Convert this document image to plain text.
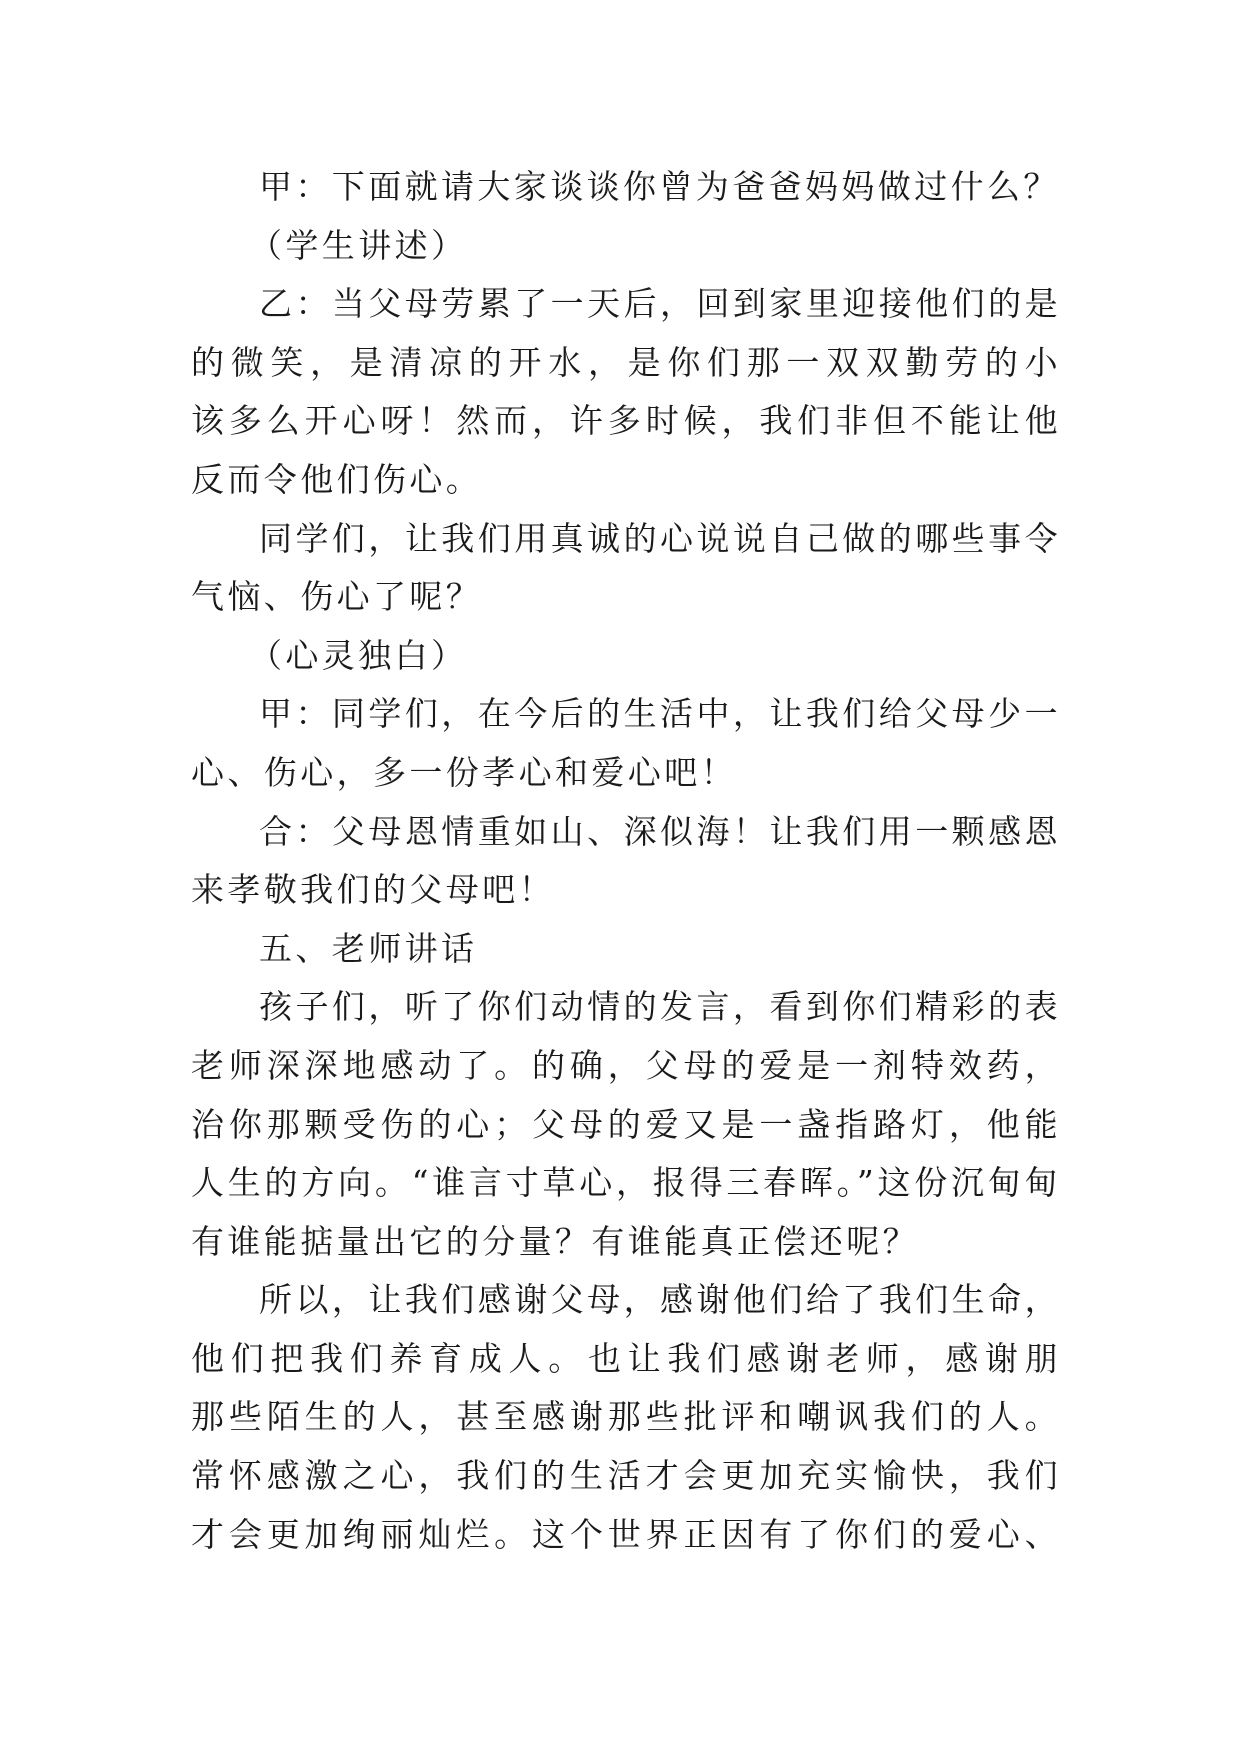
甲：下面就请大家谈谈你曾为爸爸妈妈做过什么？
（学生讲述）
乙：当父母劳累了一天后，回到家里迎接他们的是
的微笑，是清凉的开水，是你们那一双双勤劳的小
该多么开心呀！然而，许多时候，我们非但不能让他
反而令他们伤心。
同学们，让我们用真诚的心说说自己做的哪些事令
气恼、伤心了呢？
（心灵独白）
甲：同学们，在今后的生活中，让我们给父母少一
心、伤心，多一份孝心和爱心吧！
合：父母恩情重如山、深似海！让我们用一颗感恩
来孝敬我们的父母吧！
五、老师讲话
孩子们，听了你们动情的发言，看到你们精彩的表
老师深深地感动了。的确，父母的爱是一剂特效药，
治你那颗受伤的心；父母的爱又是一盏指路灯，他能
人生的方向。“谁言寸草心，报得三春晖。”这份沉甸甸
有谁能掂量出它的分量？有谁能真正偿还呢？
所以，让我们感谢父母，感谢他们给了我们生命，
他们把我们养育成人。也让我们感谢老师，感谢朋
那些陌生的人，甚至感谢那些批评和嘲讽我们的人。
常怀感激之心，我们的生活才会更加充实愉快，我们
才会更加绚丽灿烂。这个世界正因有了你们的爱心、
